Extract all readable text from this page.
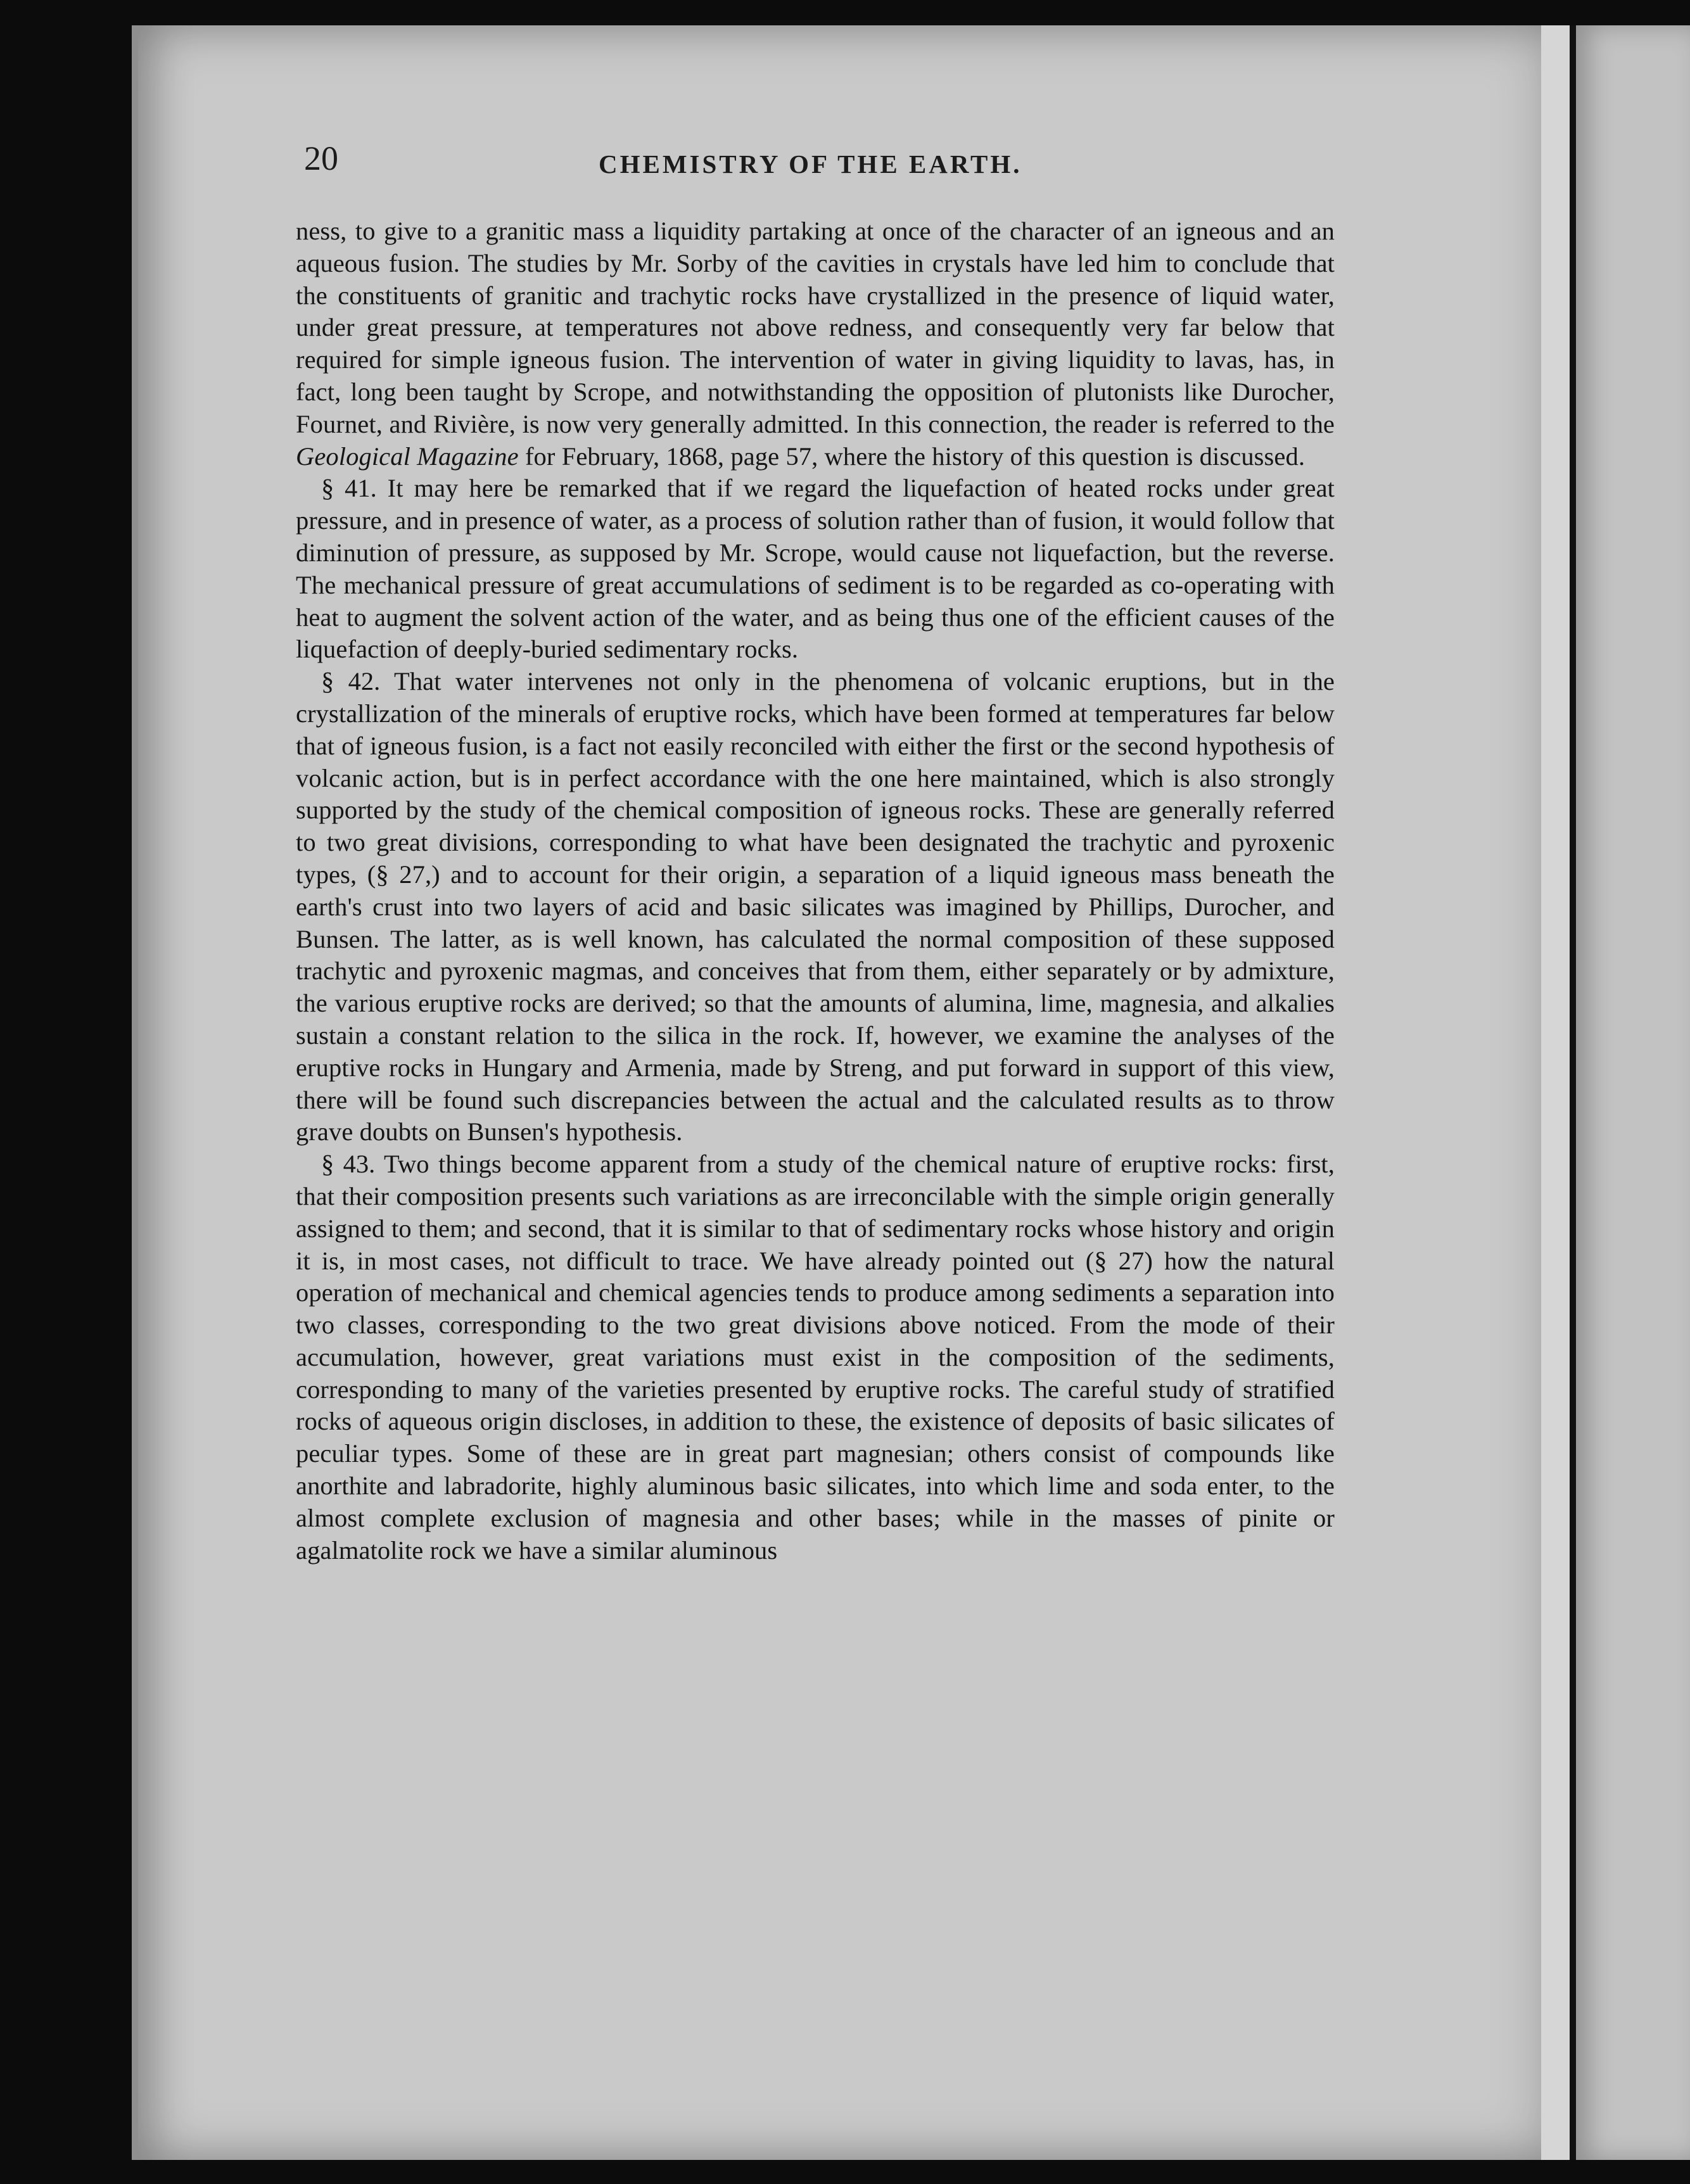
20	CHEMISTRY OF THE EARTH.

ness, to give to a granitic mass a liquidity partaking at once of the character of an igneous and an aqueous fusion. The studies by Mr. Sorby of the cavities in crystals have led him to conclude that the constituents of granitic and trachytic rocks have crystallized in the presence of liquid water, under great pressure, at temperatures not above redness, and consequently very far below that required for simple igneous fusion. The intervention of water in giving liquidity to lavas, has, in fact, long been taught by Scrope, and notwithstanding the opposition of plutonists like Durocher, Fournet, and Rivière, is now very generally admitted. In this connection, the reader is referred to the Geological Magazine for February, 1868, page 57, where the history of this question is discussed.

§ 41. It may here be remarked that if we regard the liquefaction of heated rocks under great pressure, and in presence of water, as a process of solution rather than of fusion, it would follow that diminution of pressure, as supposed by Mr. Scrope, would cause not liquefaction, but the reverse. The mechanical pressure of great accumulations of sediment is to be regarded as co-operating with heat to augment the solvent action of the water, and as being thus one of the efficient causes of the liquefaction of deeply-buried sedimentary rocks.

§ 42. That water intervenes not only in the phenomena of volcanic eruptions, but in the crystallization of the minerals of eruptive rocks, which have been formed at temperatures far below that of igneous fusion, is a fact not easily reconciled with either the first or the second hypothesis of volcanic action, but is in perfect accordance with the one here maintained, which is also strongly supported by the study of the chemical composition of igneous rocks. These are generally referred to two great divisions, corresponding to what have been designated the trachytic and pyroxenic types, (§ 27,) and to account for their origin, a separation of a liquid igneous mass beneath the earth's crust into two layers of acid and basic silicates was imagined by Phillips, Durocher, and Bunsen. The latter, as is well known, has calculated the normal composition of these supposed trachytic and pyroxenic magmas, and conceives that from them, either separately or by admixture, the various eruptive rocks are derived; so that the amounts of alumina, lime, magnesia, and alkalies sustain a constant relation to the silica in the rock. If, however, we examine the analyses of the eruptive rocks in Hungary and Armenia, made by Streng, and put forward in support of this view, there will be found such discrepancies between the actual and the calculated results as to throw grave doubts on Bunsen's hypothesis.

§ 43. Two things become apparent from a study of the chemical nature of eruptive rocks: first, that their composition presents such variations as are irreconcilable with the simple origin generally assigned to them; and second, that it is similar to that of sedimentary rocks whose history and origin it is, in most cases, not difficult to trace. We have already pointed out (§ 27) how the natural operation of mechanical and chemical agencies tends to produce among sediments a separation into two classes, corresponding to the two great divisions above noticed. From the mode of their accumulation, however, great variations must exist in the composition of the sediments, corresponding to many of the varieties presented by eruptive rocks. The careful study of stratified rocks of aqueous origin discloses, in addition to these, the existence of deposits of basic silicates of peculiar types. Some of these are in great part magnesian; others consist of compounds like anorthite and labradorite, highly aluminous basic silicates, into which lime and soda enter, to the almost complete exclusion of magnesia and other bases; while in the masses of pinite or agalmatolite rock we have a similar aluminous
